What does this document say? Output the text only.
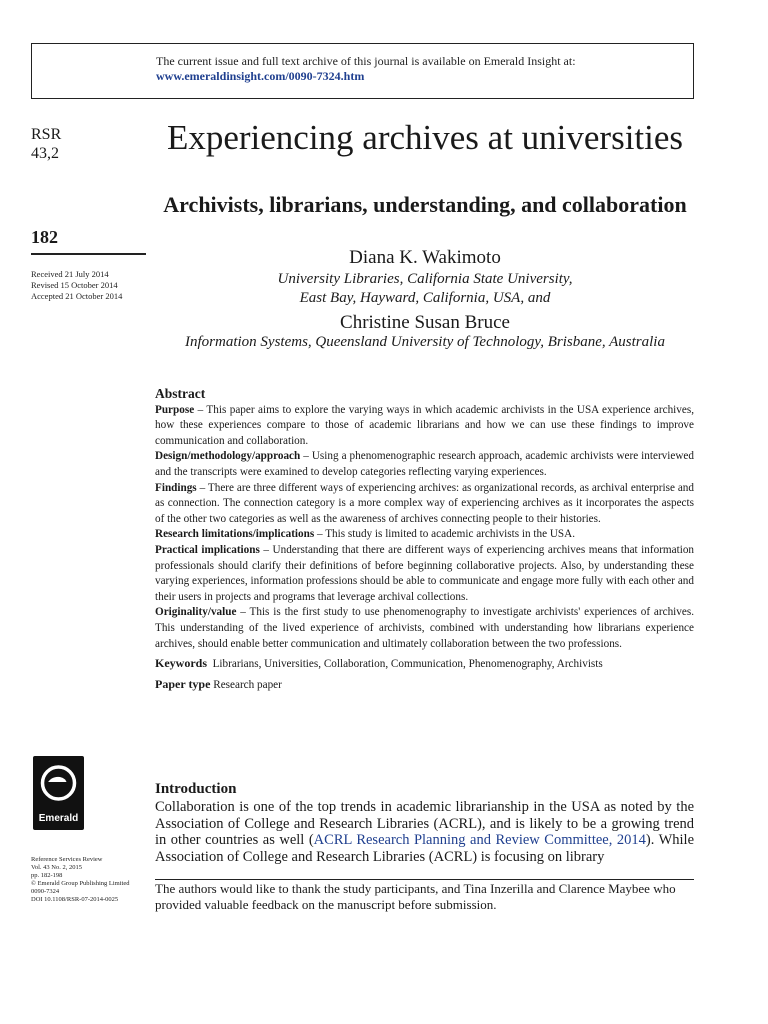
The current issue and full text archive of this journal is available on Emerald Insight at:
www.emeraldinsight.com/0090-7324.htm
RSR
43,2
182
Received 21 July 2014
Revised 15 October 2014
Accepted 21 October 2014
Emerald
Reference Services Review
Vol. 43 No. 2, 2015
pp. 182-198
© Emerald Group Publishing Limited
0090-7324
DOI 10.1108/RSR-07-2014-0025
Experiencing archives at universities
Archivists, librarians, understanding, and collaboration
Diana K. Wakimoto
University Libraries, California State University,
East Bay, Hayward, California, USA, and
Christine Susan Bruce
Information Systems, Queensland University of Technology, Brisbane, Australia
Abstract

Purpose – This paper aims to explore the varying ways in which academic archivists in the USA experience archives, how these experiences compare to those of academic librarians and how we can use these findings to improve communication and collaboration.

Design/methodology/approach – Using a phenomenographic research approach, academic archivists were interviewed and the transcripts were examined to develop categories reflecting varying experiences.

Findings – There are three different ways of experiencing archives: as organizational records, as archival enterprise and as connection. The connection category is a more complex way of experiencing archives as it incorporates the aspects of the other two categories as well as the awareness of archives connecting people to their histories.

Research limitations/implications – This study is limited to academic archivists in the USA.

Practical implications – Understanding that there are different ways of experiencing archives means that information professionals should clarify their definitions of before beginning collaborative projects. Also, by understanding these varying experiences, information professions should be able to communicate and engage more fully with each other and their users in projects and programs that leverage archival collections.

Originality/value – This is the first study to use phenomenography to investigate archivists' experiences of archives. This understanding of the lived experience of archivists, combined with understanding how librarians experience archives, should enable better communication and ultimately collaboration between the two professions.

Keywords Librarians, Universities, Collaboration, Communication, Phenomenography, Archivists

Paper type Research paper

Introduction

Collaboration is one of the top trends in academic librarianship in the USA as noted by the Association of College and Research Libraries (ACRL), and is likely to be a growing trend in other countries as well (ACRL Research Planning and Review Committee, 2014). While Association of College and Research Libraries (ACRL) is focusing on library

The authors would like to thank the study participants, and Tina Inzerilla and Clarence Maybee who provided valuable feedback on the manuscript before submission.
